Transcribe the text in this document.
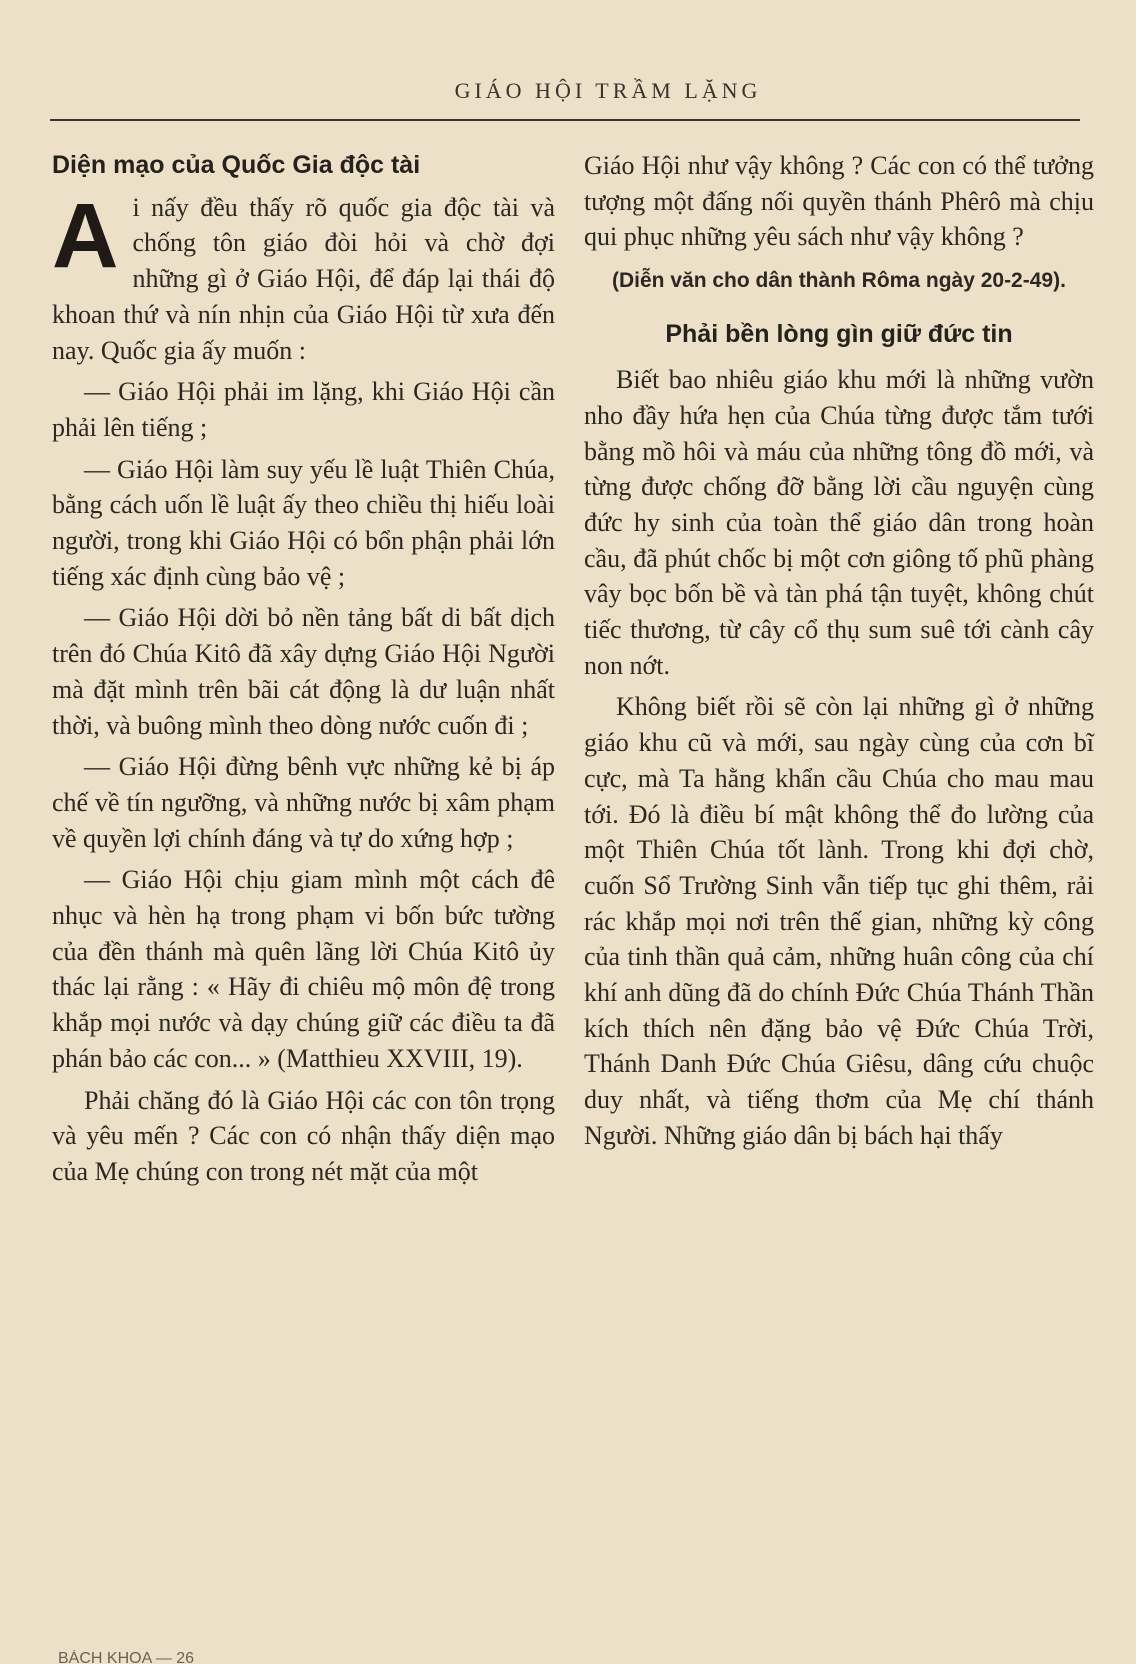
GIÁO HỘI TRẦM LẶNG
Diện mạo của Quốc Gia độc tài

Ai nấy đều thấy rõ quốc gia độc tài và chống tôn giáo đòi hỏi và chờ đợi những gì ở Giáo Hội, để đáp lại thái độ khoan thứ và nín nhịn của Giáo Hội từ xưa đến nay. Quốc gia ấy muốn :

— Giáo Hội phải im lặng, khi Giáo Hội cần phải lên tiếng ;

— Giáo Hội làm suy yếu lề luật Thiên Chúa, bằng cách uốn lề luật ấy theo chiều thị hiếu loài người, trong khi Giáo Hội có bổn phận phải lớn tiếng xác định cùng bảo vệ ;

— Giáo Hội dời bỏ nền tảng bất di bất dịch trên đó Chúa Kitô đã xây dựng Giáo Hội Người mà đặt mình trên bãi cát động là dư luận nhất thời, và buông mình theo dòng nước cuốn đi ;

— Giáo Hội đừng bênh vực những kẻ bị áp chế về tín ngưỡng, và những nước bị xâm phạm về quyền lợi chính đáng và tự do xứng hợp ;

— Giáo Hội chịu giam mình một cách đê nhục và hèn hạ trong phạm vi bốn bức tường của đền thánh mà quên lãng lời Chúa Kitô ủy thác lại rằng : « Hãy đi chiêu mộ môn đệ trong khắp mọi nước và dạy chúng giữ các điều ta đã phán bảo các con... » (Matthieu XXVIII, 19).

Phải chăng đó là Giáo Hội các con tôn trọng và yêu mến ? Các con có nhận thấy diện mạo của Mẹ chúng con trong nét mặt của một

Giáo Hội như vậy không ? Các con có thể tưởng tượng một đấng nối quyền thánh Phêrô mà chịu qui phục những yêu sách như vậy không ?

(Diễn văn cho dân thành Rôma ngày 20-2-49).

Phải bền lòng gìn giữ đức tin

Biết bao nhiêu giáo khu mới là những vườn nho đầy hứa hẹn của Chúa từng được tắm tưới bằng mồ hôi và máu của những tông đồ mới, và từng được chống đỡ bằng lời cầu nguyện cùng đức hy sinh của toàn thể giáo dân trong hoàn cầu, đã phút chốc bị một cơn giông tố phũ phàng vây bọc bốn bề và tàn phá tận tuyệt, không chút tiếc thương, từ cây cổ thụ sum suê tới cành cây non nớt.

Không biết rồi sẽ còn lại những gì ở những giáo khu cũ và mới, sau ngày cùng của cơn bĩ cực, mà Ta hằng khẩn cầu Chúa cho mau mau tới. Đó là điều bí mật không thể đo lường của một Thiên Chúa tốt lành. Trong khi đợi chờ, cuốn Sổ Trường Sinh vẫn tiếp tục ghi thêm, rải rác khắp mọi nơi trên thế gian, những kỳ công của tinh thần quả cảm, những huân công của chí khí anh dũng đã do chính Đức Chúa Thánh Thần kích thích nên đặng bảo vệ Đức Chúa Trời, Thánh Danh Đức Chúa Giêsu, dâng cứu chuộc duy nhất, và tiếng thơm của Mẹ chí thánh Người. Những giáo dân bị bách hại thấy

BÁCH KHOA — 26
